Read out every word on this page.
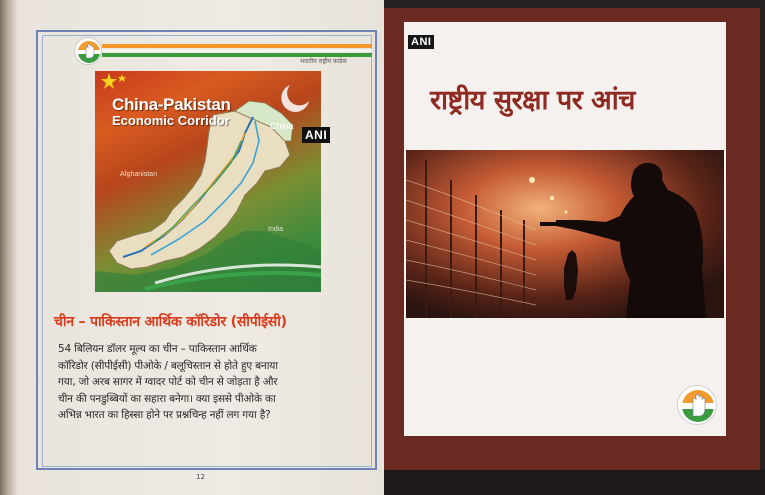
भारतीय राष्ट्रीय कांग्रेस
China-Pakistan
Economic Corridor	China
Afghanistan
India
ANI
चीन – पाकिस्तान आर्थिक कॉरिडोर (सीपीईसी)
54 बिलियन डॉलर मूल्य का चीन – पाकिस्तान आर्थिक
कॉरिडोर (सीपीईसी) पीओके / बलूचिस्तान से होते हुए बनाया
गया, जो अरब सागर में ग्वादर पोर्ट को चीन से जोड़ता है और
चीन की पनडुब्बियों का सहारा बनेगा। क्या इससे पीओके का
अभिन्न भारत का हिस्सा होने पर प्रश्नचिन्ह नहीं लग गया है?
12
ANI
राष्ट्रीय सुरक्षा पर आंच
